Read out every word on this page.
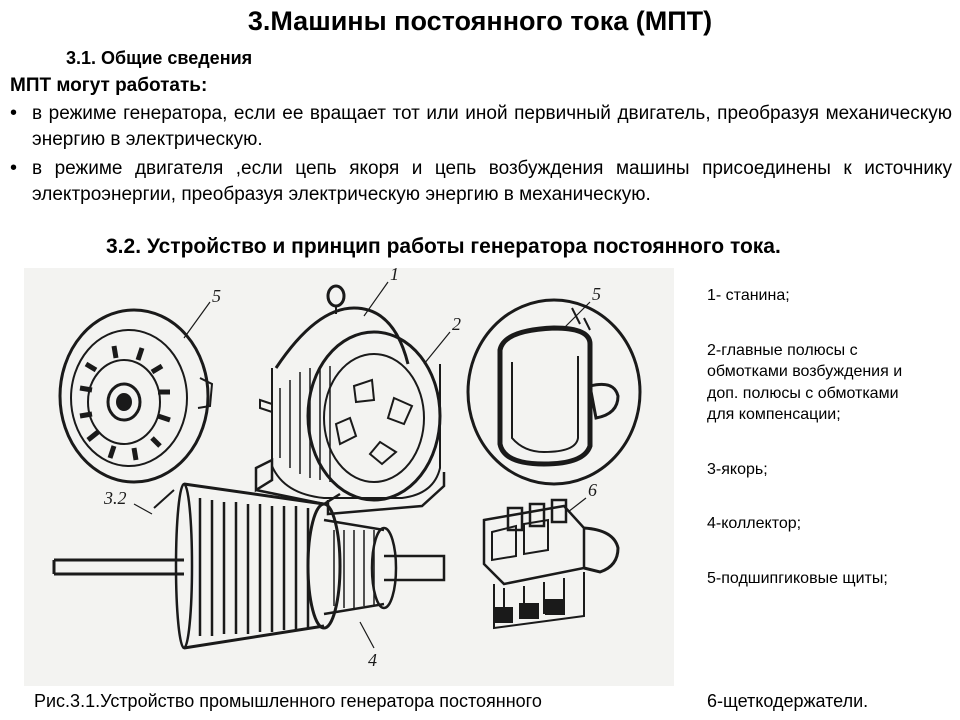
3.Машины постоянного тока (МПТ)
3.1. Общие сведения
МПТ могут работать:
• в режиме генератора, если ее вращает тот или иной первичный двигатель, преобразуя механическую энергию в электрическую.
• в режиме двигателя ,если цепь якоря и цепь возбуждения машины присоединены к источнику электроэнергии, преобразуя электрическую энергию в механическую.
3.2. Устройство и принцип работы генератора постоянного тока.
5
1
2
5
3.2	6
4

1- станина;

2-главные полюсы с обмотками возбуждения и доп. полюсы с обмотками для компенсации;

3-якорь;

4-коллектор;

5-подшипгиковые щиты;

Рис.3.1.Устройство промышленного генератора постоянного	6-щеткодержатели.
